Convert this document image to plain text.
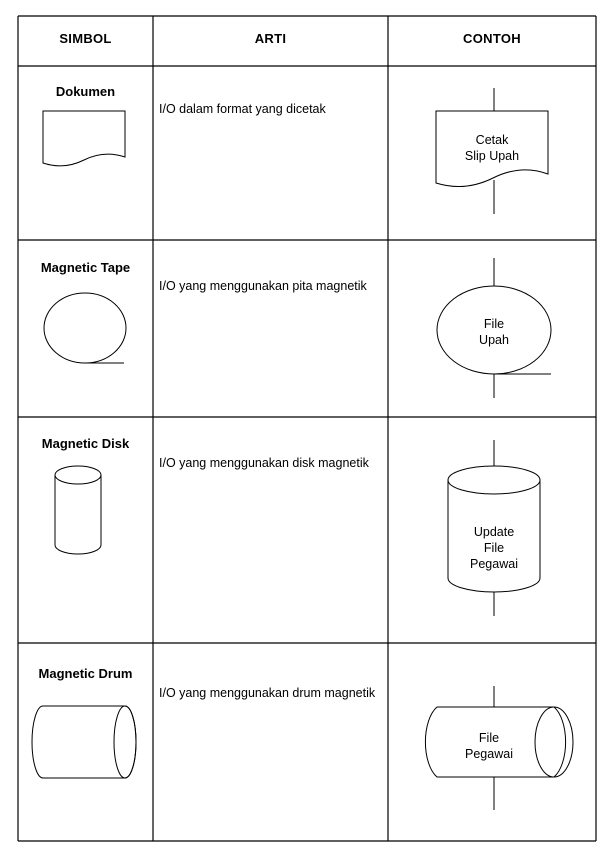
SIMBOL	ARTI	CONTOH
Dokumen
I/O dalam format yang dicetak
Magnetic Tape
I/O yang menggunakan pita magnetik
Magnetic Disk
I/O yang menggunakan disk magnetik
Magnetic Drum
I/O yang menggunakan drum magnetik
Cetak
Slip Upah
File
Upah
Update
File
Pegawai
File
Pegawai
